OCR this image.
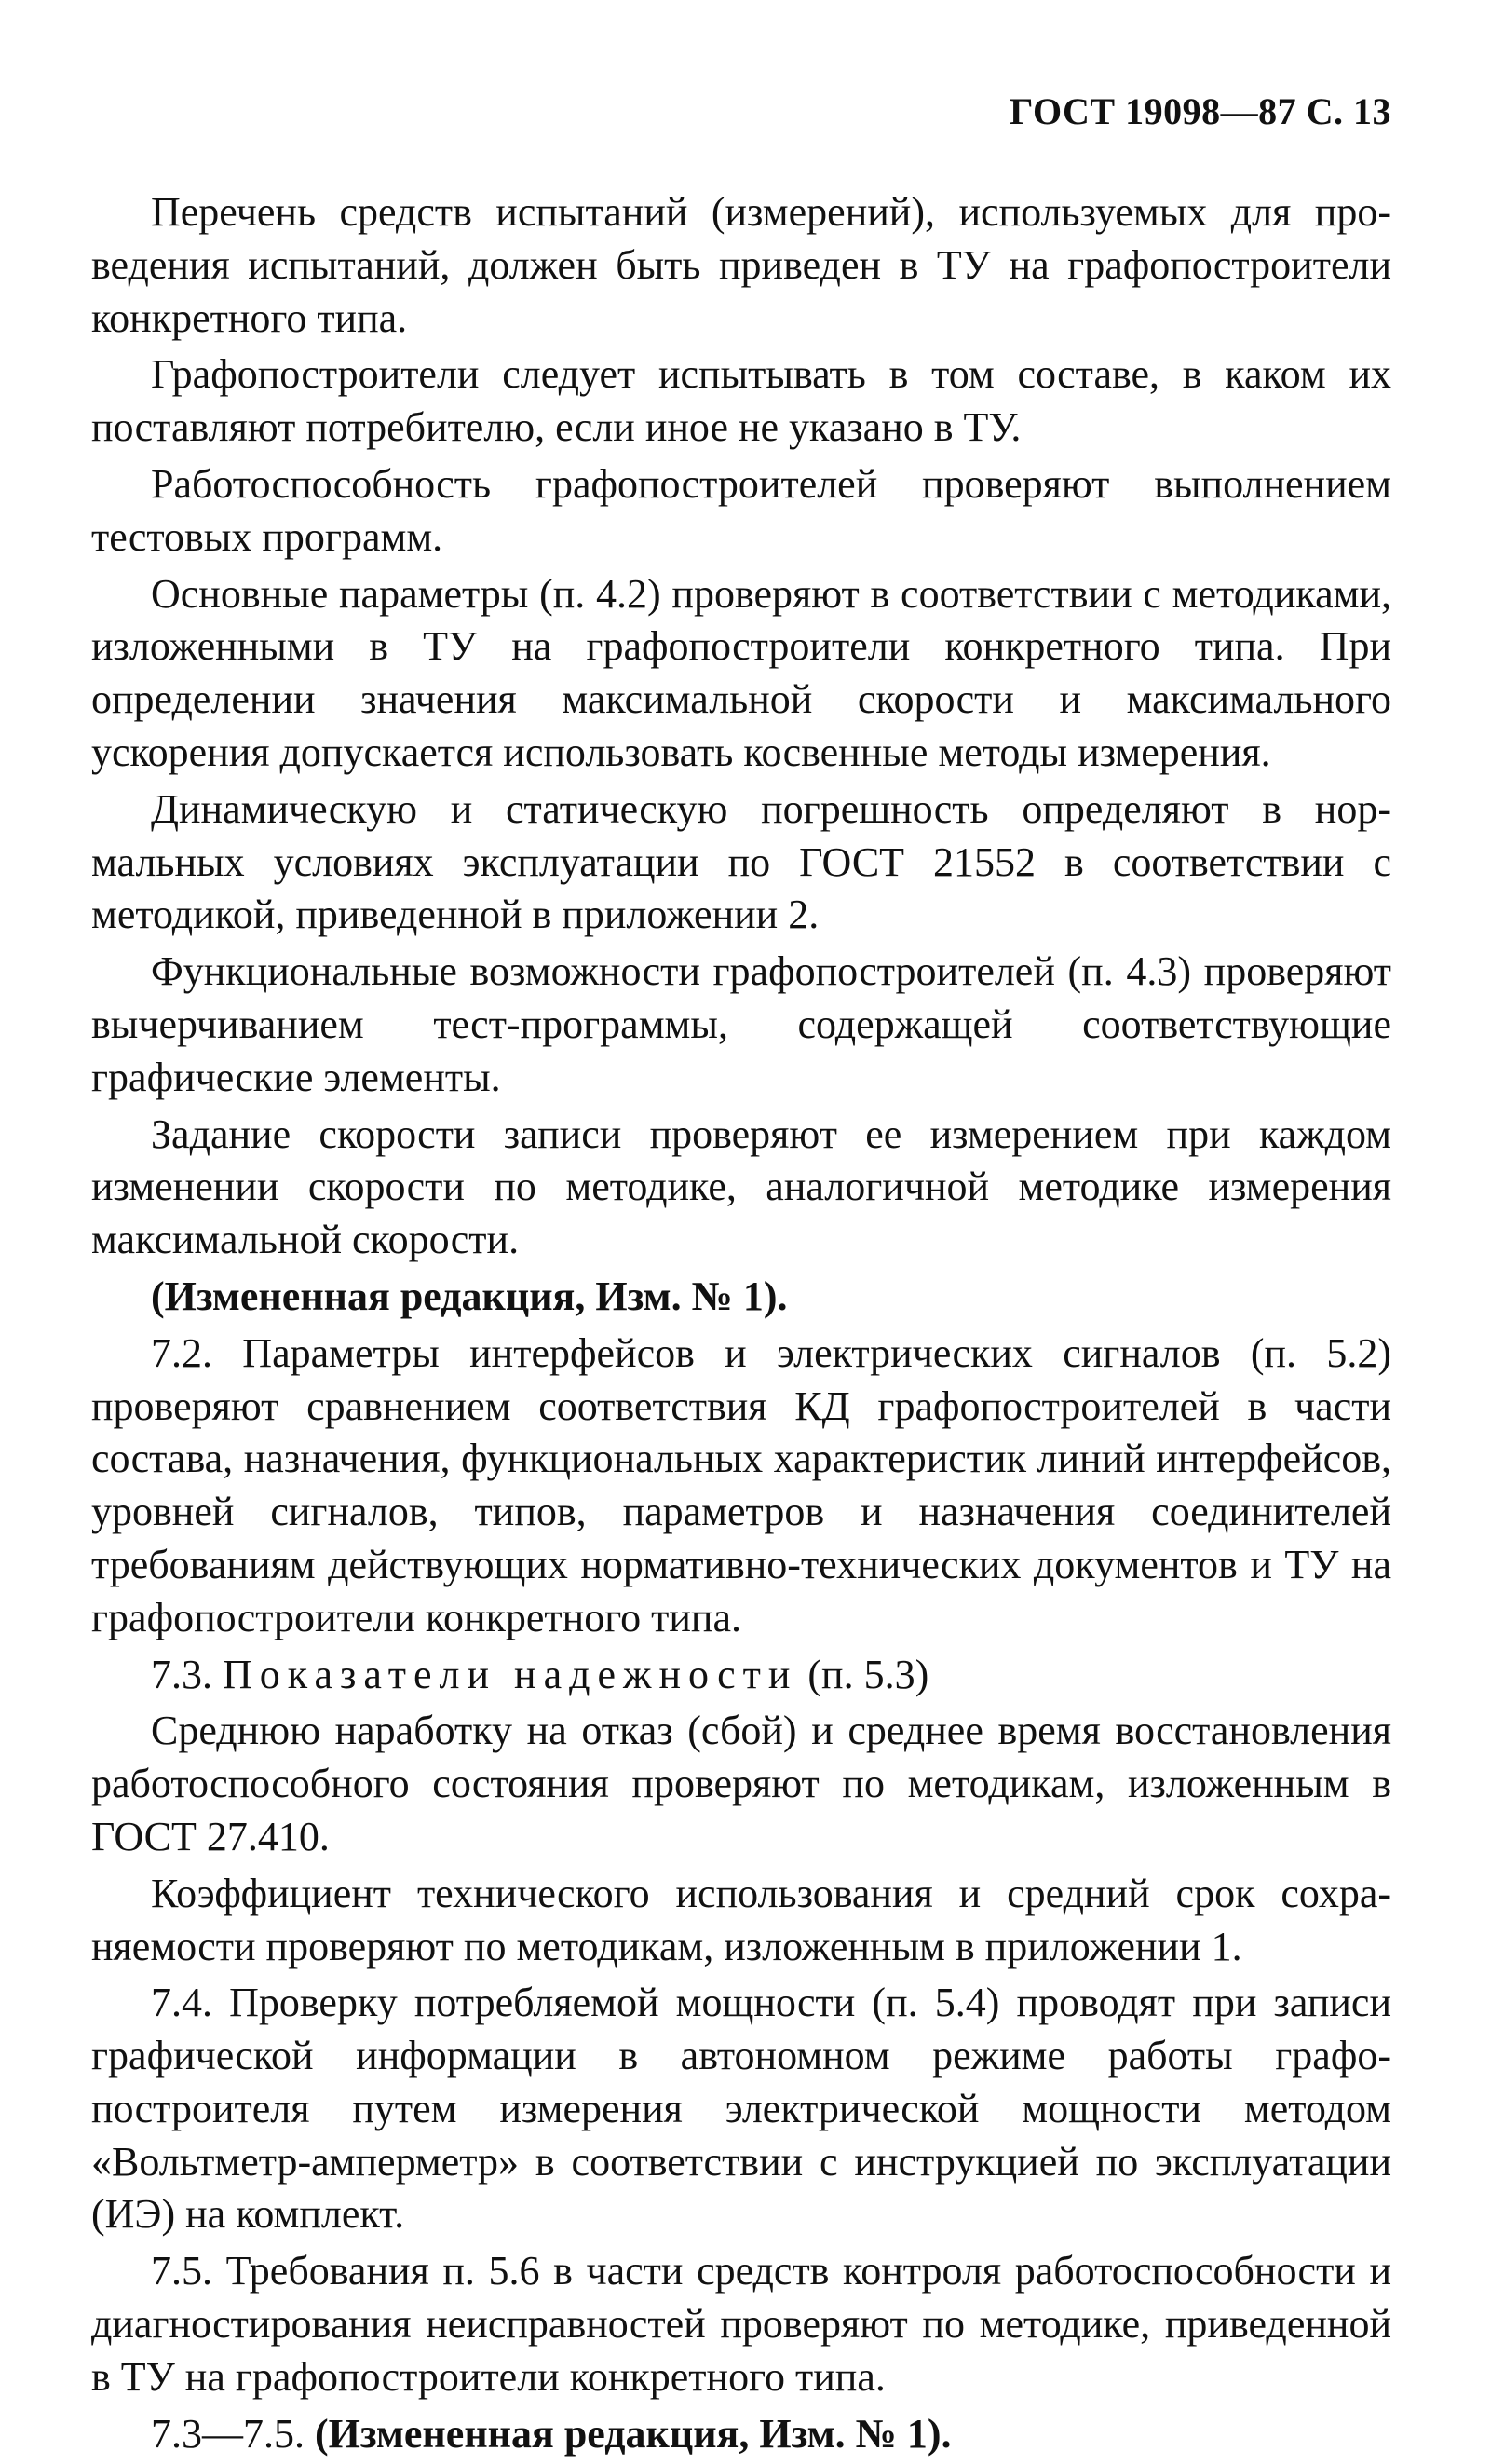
ГОСТ 19098—87 С. 13

Перечень средств испытаний (измерений), используемых для проведения испытаний, должен быть приведен в ТУ на графопостроители конкретного типа.

Графопостроители следует испытывать в том составе, в каком их поставляют потребителю, если иное не указано в ТУ.

Работоспособность графопостроителей проверяют выполнением тестовых программ.

Основные параметры (п. 4.2) проверяют в соответствии с методиками, изложенными в ТУ на графопостроители конкретного типа. При определении значения максимальной скорости и максимального ускорения допускается использовать косвенные методы измерения.

Динамическую и статическую погрешность определяют в нормальных условиях эксплуатации по ГОСТ 21552 в соответствии с методикой, приведенной в приложении 2.

Функциональные возможности графопостроителей (п. 4.3) проверяют вычерчиванием тест-программы, содержащей соответствующие графические элементы.

Задание скорости записи проверяют ее измерением при каждом изменении скорости по методике, аналогичной методике измерения максимальной скорости.

(Измененная редакция, Изм. № 1).

7.2. Параметры интерфейсов и электрических сигналов (п. 5.2) проверяют сравнением соответствия КД графопостроителей в части состава, назначения, функциональных характеристик линий интерфейсов, уровней сигналов, типов, параметров и назначения соединителей требованиям действующих нормативно-технических документов и ТУ на графопостроители конкретного типа.

7.3. Показатели надежности (п. 5.3)

Среднюю наработку на отказ (сбой) и среднее время восстановления работоспособного состояния проверяют по методикам, изложенным в ГОСТ 27.410.

Коэффициент технического использования и средний срок сохраняемости проверяют по методикам, изложенным в приложении 1.

7.4. Проверку потребляемой мощности (п. 5.4) проводят при записи графической информации в автономном режиме работы графопостроителя путем измерения электрической мощности методом «Вольтметр-амперметр» в соответствии с инструкцией по эксплуатации (ИЭ) на комплект.

7.5. Требования п. 5.6 в части средств контроля работоспособности и диагностирования неисправностей проверяют по методике, приведенной в ТУ на графопостроители конкретного типа.

7.3—7.5. (Измененная редакция, Изм. № 1).
